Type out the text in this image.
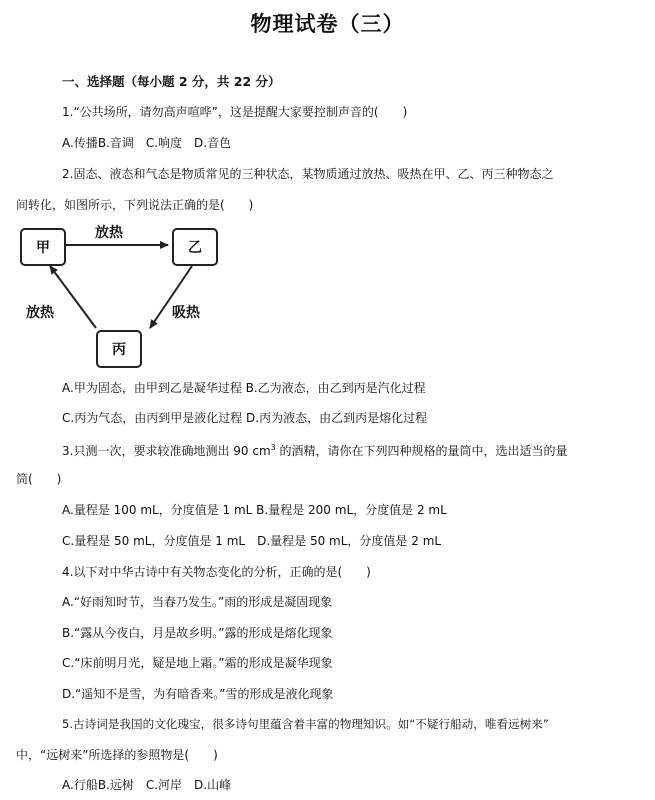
物理试卷（三）
一、选择题（每小题 2 分，共 22 分）
1.“公共场所，请勿高声喧哗”，这是提醒大家要控制声音的(　　)
A.传播B.音调　C.响度　D.音色
2.固态、液态和气态是物质常见的三种状态，某物质通过放热、吸热在甲、乙、丙三种物态之
间转化，如图所示，下列说法正确的是(　　)
甲	乙
丙
放热
吸热
放热
A.甲为固态，由甲到乙是凝华过程 B.乙为液态，由乙到丙是汽化过程
C.丙为气态，由丙到甲是液化过程 D.丙为液态，由乙到丙是熔化过程
3.只测一次，要求较准确地测出 90 $cm^3$ 的酒精，请你在下列四种规格的量筒中，选出适当的量
筒(　　)
A.量程是 100 mL，分度值是 1 mL B.量程是 200 mL，分度值是 2 mL
C.量程是 50 mL，分度值是 1 mL　D.量程是 50 mL，分度值是 2 mL
4.以下对中华古诗中有关物态变化的分析，正确的是(　　)
A.“好雨知时节，当春乃发生。”雨的形成是凝固现象
B.“露从今夜白，月是故乡明。”露的形成是熔化现象
C.“床前明月光，疑是地上霜。”霜的形成是凝华现象
D.“遥知不是雪，为有暗香来。”雪的形成是液化现象
5.古诗词是我国的文化瑰宝，很多诗句里蕴含着丰富的物理知识。如“不疑行船动，唯看远树来”
中，“远树来”所选择的参照物是(　　)
A.行船B.远树　C.河岸　D.山峰
